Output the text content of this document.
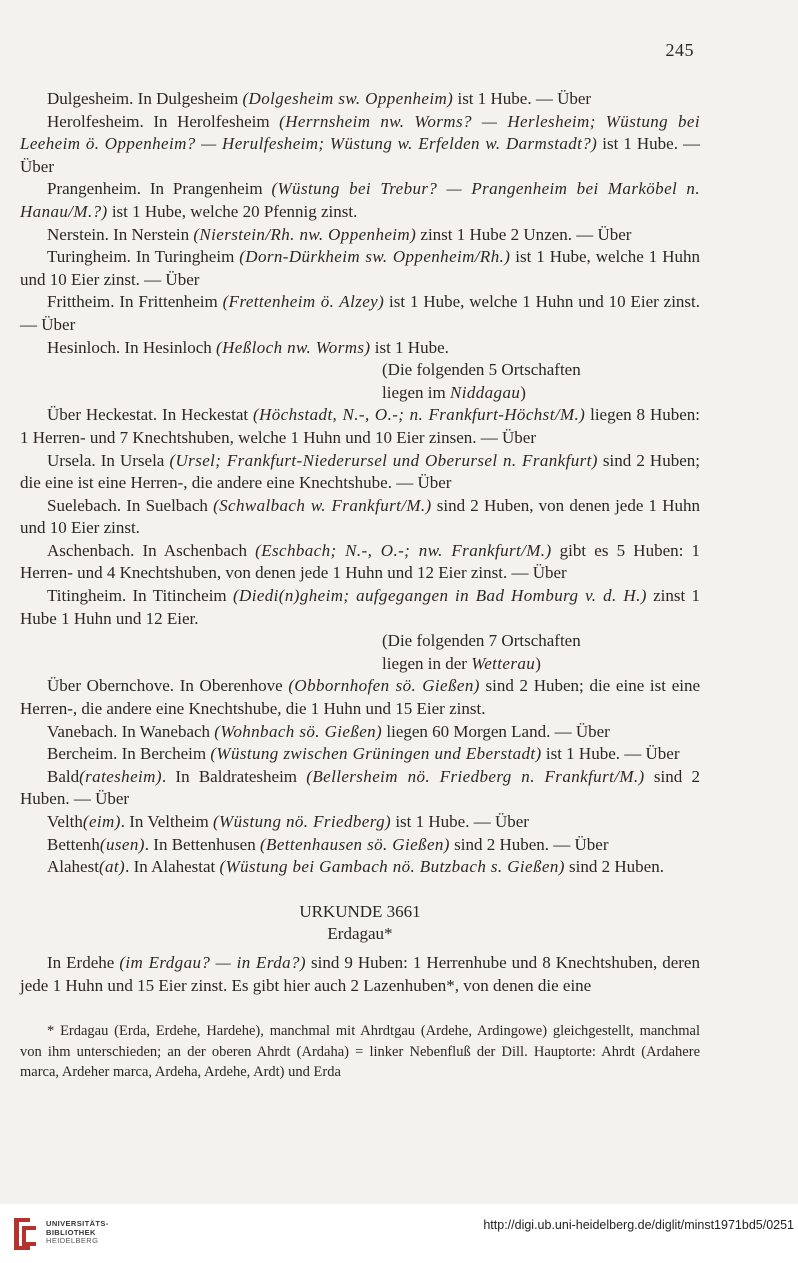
245
Dulgesheim. In Dulgesheim (Dolgesheim sw. Oppenheim) ist 1 Hube. — Über
Herolfesheim. In Herolfesheim (Herrnsheim nw. Worms? — Herlesheim; Wüstung bei Leeheim ö. Oppenheim? — Herulfesheim; Wüstung w. Erfelden w. Darmstadt?) ist 1 Hube. — Über
Prangenheim. In Prangenheim (Wüstung bei Trebur? — Prangenheim bei Marköbel n. Hanau/M.?) ist 1 Hube, welche 20 Pfennig zinst.
Nerstein. In Nerstein (Nierstein/Rh. nw. Oppenheim) zinst 1 Hube 2 Unzen. — Über
Turingheim. In Turingheim (Dorn-Dürkheim sw. Oppenheim/Rh.) ist 1 Hube, welche 1 Huhn und 10 Eier zinst. — Über
Frittheim. In Frittenheim (Frettenheim ö. Alzey) ist 1 Hube, welche 1 Huhn und 10 Eier zinst. — Über
Hesinloch. In Hesinloch (Heßloch nw. Worms) ist 1 Hube.
(Die folgenden 5 Ortschaften
liegen im Niddagau)
Über Heckestat. In Heckestat (Höchstadt, N.-, O.-; n. Frankfurt-Höchst/M.) liegen 8 Huben: 1 Herren- und 7 Knechtshuben, welche 1 Huhn und 10 Eier zinsen. — Über
Ursela. In Ursela (Ursel; Frankfurt-Niederursel und Oberursel n. Frankfurt) sind 2 Huben; die eine ist eine Herren-, die andere eine Knechtshube. — Über
Suelebach. In Suelbach (Schwalbach w. Frankfurt/M.) sind 2 Huben, von denen jede 1 Huhn und 10 Eier zinst.
Aschenbach. In Aschenbach (Eschbach; N.-, O.-; nw. Frankfurt/M.) gibt es 5 Huben: 1 Herren- und 4 Knechtshuben, von denen jede 1 Huhn und 12 Eier zinst. — Über
Titingheim. In Titincheim (Diedi(n)gheim; aufgegangen in Bad Homburg v. d. H.) zinst 1 Hube 1 Huhn und 12 Eier.
(Die folgenden 7 Ortschaften
liegen in der Wetterau)
Über Obernchove. In Oberenhove (Obbornhofen sö. Gießen) sind 2 Huben; die eine ist eine Herren-, die andere eine Knechtshube, die 1 Huhn und 15 Eier zinst.
Vanebach. In Wanebach (Wohnbach sö. Gießen) liegen 60 Morgen Land. — Über
Bercheim. In Bercheim (Wüstung zwischen Grüningen und Eberstadt) ist 1 Hube. — Über
Bald(ratesheim). In Baldratesheim (Bellersheim nö. Friedberg n. Frankfurt/M.) sind 2 Huben. — Über
Velth(eim). In Veltheim (Wüstung nö. Friedberg) ist 1 Hube. — Über
Bettenh(usen). In Bettenhusen (Bettenhausen sö. Gießen) sind 2 Huben. — Über
Alahest(at). In Alahestat (Wüstung bei Gambach nö. Butzbach s. Gießen) sind 2 Huben.
URKUNDE 3661
Erdagau*
In Erdehe (im Erdgau? — in Erda?) sind 9 Huben: 1 Herrenhube und 8 Knechtshuben, deren jede 1 Huhn und 15 Eier zinst. Es gibt hier auch 2 Lazenhuben*, von denen die eine

* Erdagau (Erda, Erdehe, Hardehe), manchmal mit Ahrdtgau (Ardehe, Ardingowe) gleichgestellt, manchmal von ihm unterschieden; an der oberen Ahrdt (Ardaha) = linker Nebenfluß der Dill. Hauptorte: Ahrdt (Ardahere marca, Ardeher marca, Ardeha, Ardehe, Ardt) und Erda

UNIVERSITÄTS-
BIBLIOTHEK
HEIDELBERG
http://digi.ub.uni-heidelberg.de/diglit/minst1971bd5/0251
